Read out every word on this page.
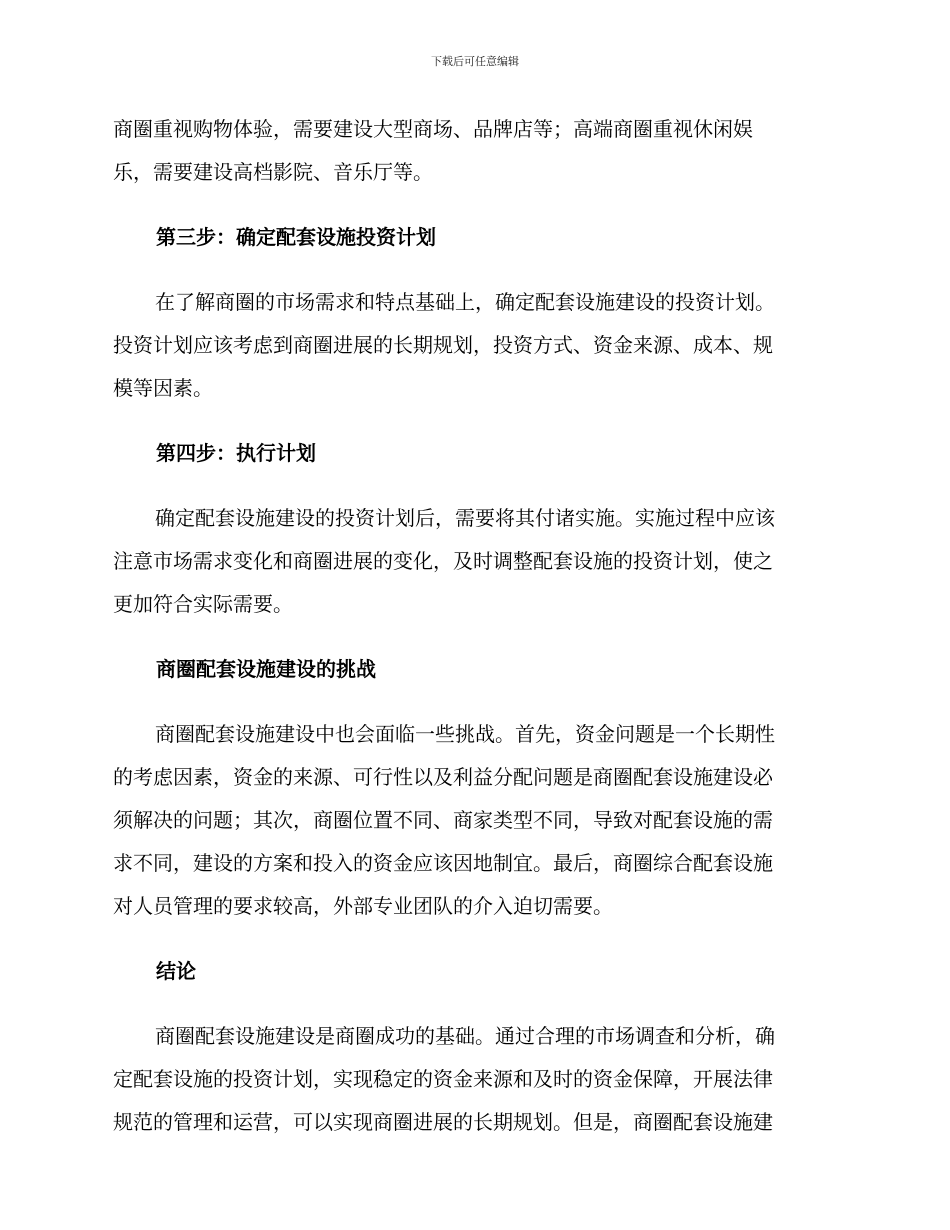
下载后可任意编辑

商圈重视购物体验，需要建设大型商场、品牌店等；高端商圈重视休闲娱
乐，需要建设高档影院、音乐厅等。

第三步：确定配套设施投资计划

在了解商圈的市场需求和特点基础上，确定配套设施建设的投资计划。
投资计划应该考虑到商圈进展的长期规划，投资方式、资金来源、成本、规
模等因素。

第四步：执行计划

确定配套设施建设的投资计划后，需要将其付诸实施。实施过程中应该
注意市场需求变化和商圈进展的变化，及时调整配套设施的投资计划，使之
更加符合实际需要。

商圈配套设施建设的挑战

商圈配套设施建设中也会面临一些挑战。首先，资金问题是一个长期性
的考虑因素，资金的来源、可行性以及利益分配问题是商圈配套设施建设必
须解决的问题；其次，商圈位置不同、商家类型不同，导致对配套设施的需
求不同，建设的方案和投入的资金应该因地制宜。最后，商圈综合配套设施
对人员管理的要求较高，外部专业团队的介入迫切需要。

结论

商圈配套设施建设是商圈成功的基础。通过合理的市场调查和分析，确
定配套设施的投资计划，实现稳定的资金来源和及时的资金保障，开展法律
规范的管理和运营，可以实现商圈进展的长期规划。但是，商圈配套设施建
